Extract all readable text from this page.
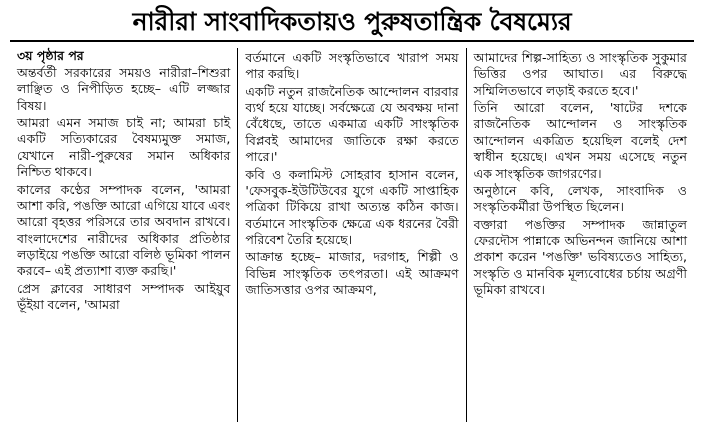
নারীরা সাংবাদিকতায়ও পুরুষতান্ত্রিক বৈষম্যের
৩য় পৃষ্ঠার পর

অন্তর্বর্তী সরকারের সময়ও নারীরা–শিশুরা লাঞ্ছিত ও নিপীড়িত হচ্ছে– এটি লজ্জার বিষয়।

আমরা এমন সমাজ চাই না; আমরা চাই একটি সত্যিকারের বৈষম্যমুক্ত সমাজ, যেখানে নারী-পুরুষের সমান অধিকার নিশ্চিত থাকবে।

কালের কণ্ঠের সম্পাদক বলেন, 'আমরা আশা করি, পঙক্তি আরো এগিয়ে যাবে এবং আরো বৃহত্তর পরিসরে তার অবদান রাখবে। বাংলাদেশের নারীদের অধিকার প্রতিষ্ঠার লড়াইয়ে পঙক্তি আরো বলিষ্ঠ ভূমিকা পালন করবে– এই প্রত্যাশা ব্যক্ত করছি।'

প্রেস ক্লাবের সাধারণ সম্পাদক আইয়ুব ভূঁইয়া বলেন, 'আমরা

বর্তমানে একটি সংস্কৃতিভাবে খারাপ সময় পার করছি।

একটি নতুন রাজনৈতিক আন্দোলন বারবার ব্যর্থ হয়ে যাচ্ছে। সর্বক্ষেত্রে যে অবক্ষয় দানা বেঁধেছে, তাতে একমাত্র একটি সাংস্কৃতিক বিপ্লবই আমাদের জাতিকে রক্ষা করতে পারে।'

কবি ও কলামিস্ট সোহরাব হাসান বলেন, 'ফেসবুক-ইউটিউবের যুগে একটি সাপ্তাহিক পত্রিকা টিকিয়ে রাখা অত্যন্ত কঠিন কাজ। বর্তমানে সাংস্কৃতিক ক্ষেত্রে এক ধরনের বৈরী পরিবেশ তৈরি হয়েছে।

আক্রান্ত হচ্ছে– মাজার, দরগাহ, শিল্পী ও বিভিন্ন সাংস্কৃতিক তৎপরতা। এই আক্রমণ জাতিসত্তার ওপর আক্রমণ,

আমাদের শিল্প-সাহিত্য ও সাংস্কৃতিক সুকুমার ভিত্তির ওপর আঘাত। এর বিরুদ্ধে সম্মিলিতভাবে লড়াই করতে হবে।'

তিনি আরো বলেন, 'ষাটের দশকে রাজনৈতিক আন্দোলন ও সাংস্কৃতিক আন্দোলন একত্রিত হয়েছিল বলেই দেশ স্বাধীন হয়েছে। এখন সময় এসেছে নতুন এক সাংস্কৃতিক জাগরণের।

অনুষ্ঠানে কবি, লেখক, সাংবাদিক ও সংস্কৃতিকর্মীরা উপস্থিত ছিলেন।

বক্তারা পঙক্তির সম্পাদক জান্নাতুল ফেরদৌস পান্নাকে অভিনন্দন জানিয়ে আশা প্রকাশ করেন 'পঙক্তি' ভবিষ্যতেও সাহিত্য, সংস্কৃতি ও মানবিক মূল্যবোধের চর্চায় অগ্রণী ভূমিকা রাখবে।
